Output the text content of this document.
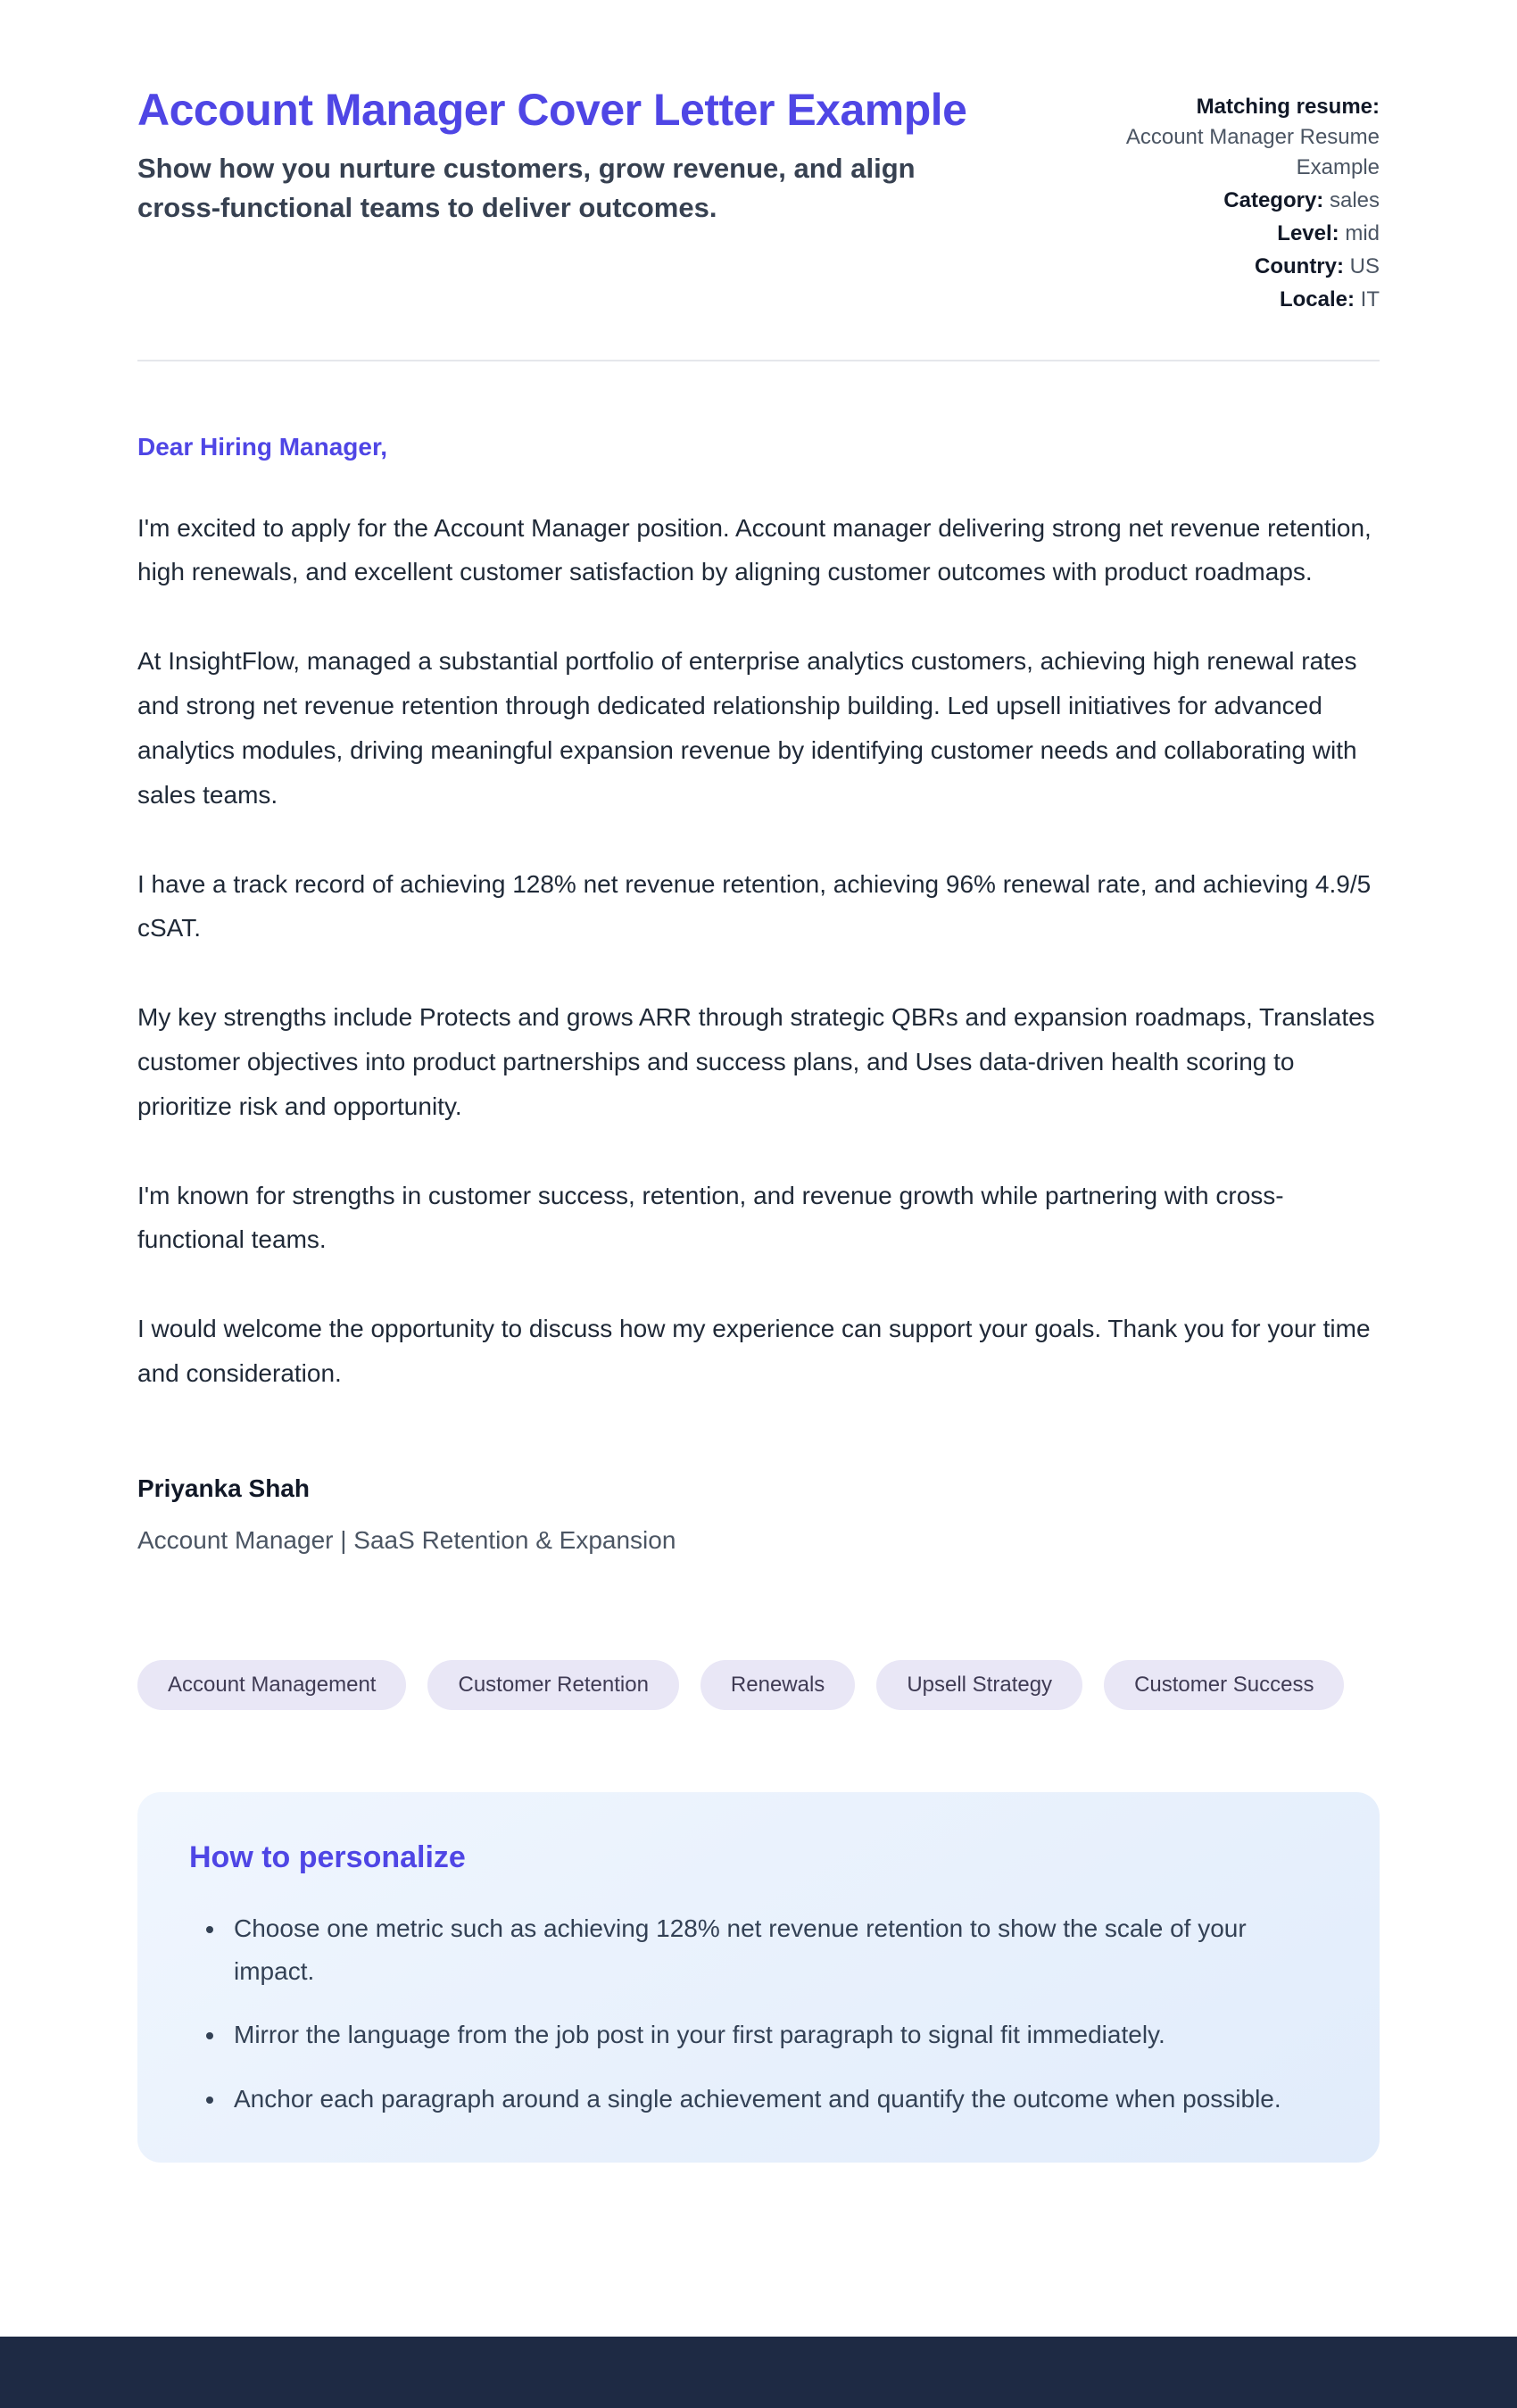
Account Manager Cover Letter Example

Show how you nurture customers, grow revenue, and align cross-functional teams to deliver outcomes.

Matching resume:
Account Manager Resume Example
Category: sales
Level: mid
Country: US
Locale: IT

Dear Hiring Manager,

I'm excited to apply for the Account Manager position. Account manager delivering strong net revenue retention, high renewals, and excellent customer satisfaction by aligning customer outcomes with product roadmaps.

At InsightFlow, managed a substantial portfolio of enterprise analytics customers, achieving high renewal rates and strong net revenue retention through dedicated relationship building. Led upsell initiatives for advanced analytics modules, driving meaningful expansion revenue by identifying customer needs and collaborating with sales teams.

I have a track record of achieving 128% net revenue retention, achieving 96% renewal rate, and achieving 4.9/5 cSAT.

My key strengths include Protects and grows ARR through strategic QBRs and expansion roadmaps, Translates customer objectives into product partnerships and success plans, and Uses data-driven health scoring to prioritize risk and opportunity.

I'm known for strengths in customer success, retention, and revenue growth while partnering with cross-functional teams.

I would welcome the opportunity to discuss how my experience can support your goals. Thank you for your time and consideration.

Priyanka Shah

Account Manager | SaaS Retention & Expansion

Account Management	Customer Retention	Renewals	Upsell Strategy	Customer Success
How to personalize
• Choose one metric such as achieving 128% net revenue retention to show the scale of your impact.
• Mirror the language from the job post in your first paragraph to signal fit immediately.
• Anchor each paragraph around a single achievement and quantify the outcome when possible.
